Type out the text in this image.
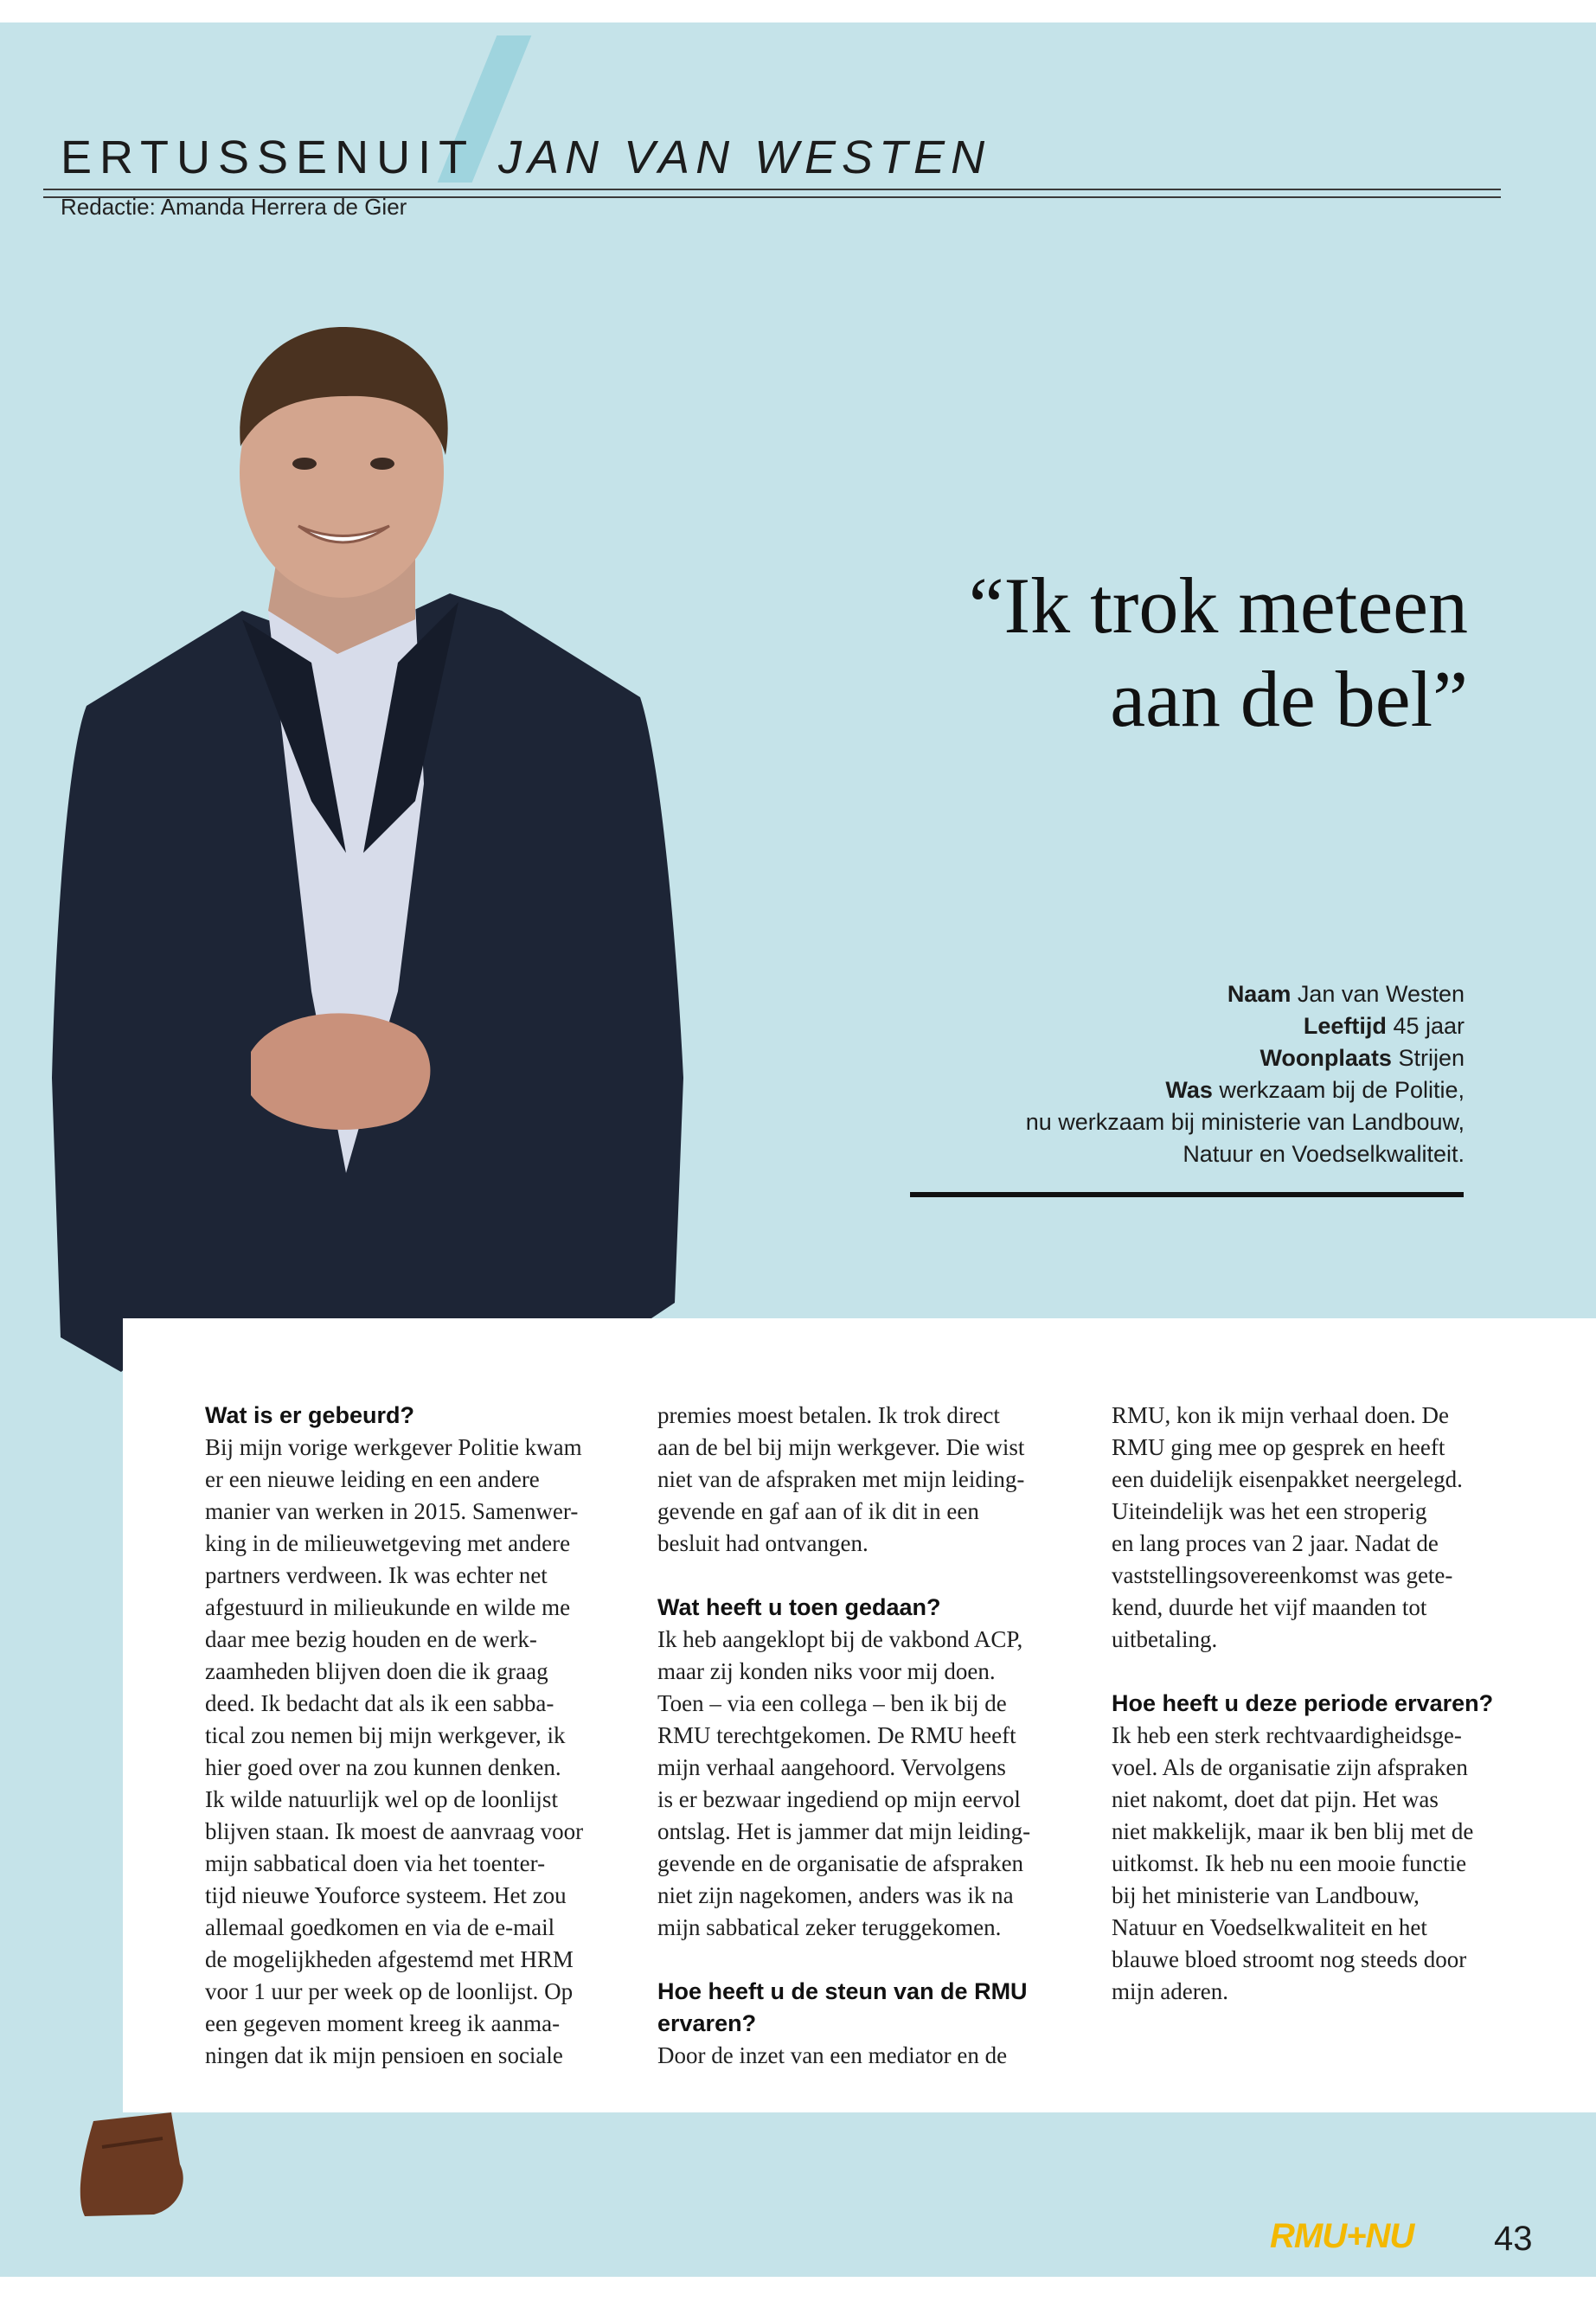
ERTUSSENUIT JAN VAN WESTEN
Redactie: Amanda Herrera de Gier
“Ik trok meteen
aan de bel”
Naam Jan van Westen
Leeftijd 45 jaar
Woonplaats Strijen
Was werkzaam bij de Politie,
nu werkzaam bij ministerie van Landbouw,
Natuur en Voedselkwaliteit.
Wat is er gebeurd?
Bij mijn vorige werkgever Politie kwam
er een nieuwe leiding en een andere
manier van werken in 2015. Samenwer-
king in de milieuwetgeving met andere
partners verdween. Ik was echter net
afgestuurd in milieukunde en wilde me
daar mee bezig houden en de werk-
zaamheden blijven doen die ik graag
deed. Ik bedacht dat als ik een sabba-
tical zou nemen bij mijn werkgever, ik
hier goed over na zou kunnen denken.
Ik wilde natuurlijk wel op de loonlijst
blijven staan. Ik moest de aanvraag voor
mijn sabbatical doen via het toenter-
tijd nieuwe Youforce systeem. Het zou
allemaal goedkomen en via de e-mail
de mogelijkheden afgestemd met HRM
voor 1 uur per week op de loonlijst. Op
een gegeven moment kreeg ik aanma-
ningen dat ik mijn pensioen en sociale
premies moest betalen. Ik trok direct
aan de bel bij mijn werkgever. Die wist
niet van de afspraken met mijn leiding-
gevende en gaf aan of ik dit in een
besluit had ontvangen.
Wat heeft u toen gedaan?
Ik heb aangeklopt bij de vakbond ACP,
maar zij konden niks voor mij doen.
Toen – via een collega – ben ik bij de
RMU terechtgekomen. De RMU heeft
mijn verhaal aangehoord. Vervolgens
is er bezwaar ingediend op mijn eervol
ontslag. Het is jammer dat mijn leiding-
gevende en de organisatie de afspraken
niet zijn nagekomen, anders was ik na
mijn sabbatical zeker teruggekomen.
Hoe heeft u de steun van de RMU
ervaren?
Door de inzet van een mediator en de
RMU, kon ik mijn verhaal doen. De
RMU ging mee op gesprek en heeft
een duidelijk eisenpakket neergelegd.
Uiteindelijk was het een stroperig
en lang proces van 2 jaar. Nadat de
vaststellingsovereenkomst was gete-
kend, duurde het vijf maanden tot
uitbetaling.
Hoe heeft u deze periode ervaren?
Ik heb een sterk rechtvaardigheidsge-
voel. Als de organisatie zijn afspraken
niet nakomt, doet dat pijn. Het was
niet makkelijk, maar ik ben blij met de
uitkomst. Ik heb nu een mooie functie
bij het ministerie van Landbouw,
Natuur en Voedselkwaliteit en het
blauwe bloed stroomt nog steeds door
mijn aderen.
RMU+NU 43
